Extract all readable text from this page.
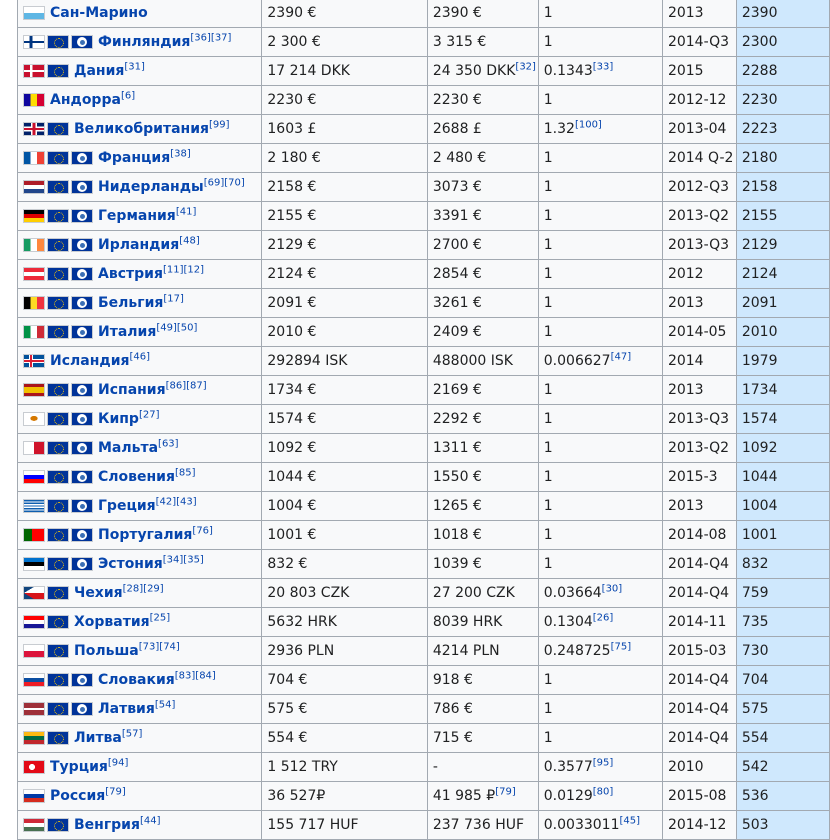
Сан-Марино	2390 €	2390 €	1	2013	2390
Финляндия[36][37]	2 300 €	3 315 €	1	2014-Q3	2300
Дания[31]	17 214 DKK	24 350 DKK[32]	0.1343[33]	2015	2288
Андорра[6]	2230 €	2230 €	1	2012-12	2230
Великобритания[99]	1603 £	2688 £	1.32[100]	2013-04	2223
Франция[38]	2 180 €	2 480 €	1	2014 Q-2	2180
Нидерланды[69][70]	2158 €	3073 €	1	2012-Q3	2158
Германия[41]	2155 €	3391 €	1	2013-Q2	2155
Ирландия[48]	2129 €	2700 €	1	2013-Q3	2129
Австрия[11][12]	2124 €	2854 €	1	2012	2124
Бельгия[17]	2091 €	3261 €	1	2013	2091
Италия[49][50]	2010 €	2409 €	1	2014-05	2010
Исландия[46]	292894 ISK	488000 ISK	0.006627[47]	2014	1979
Испания[86][87]	1734 €	2169 €	1	2013	1734
Кипр[27]	1574 €	2292 €	1	2013-Q3	1574
Мальта[63]	1092 €	1311 €	1	2013-Q2	1092
Словения[85]	1044 €	1550 €	1	2015-3	1044
Греция[42][43]	1004 €	1265 €	1	2013	1004
Португалия[76]	1001 €	1018 €	1	2014-08	1001
Эстония[34][35]	832 €	1039 €	1	2014-Q4	832
Чехия[28][29]	20 803 CZK	27 200 CZK	0.03664[30]	2014-Q4	759
Хорватия[25]	5632 HRK	8039 HRK	0.1304[26]	2014-11	735
Польша[73][74]	2936 PLN	4214 PLN	0.248725[75]	2015-03	730
Словакия[83][84]	704 €	918 €	1	2014-Q4	704
Латвия[54]	575 €	786 €	1	2014-Q4	575
Литва[57]	554 €	715 €	1	2014-Q4	554
Турция[94]	1 512 TRY	-	0.3577[95]	2010	542
Россия[79]	36 527₽	41 985 ₽[79]	0.0129[80]	2015-08	536
Венгрия[44]	155 717 HUF	237 736 HUF	0.0033011[45]	2014-12	503
